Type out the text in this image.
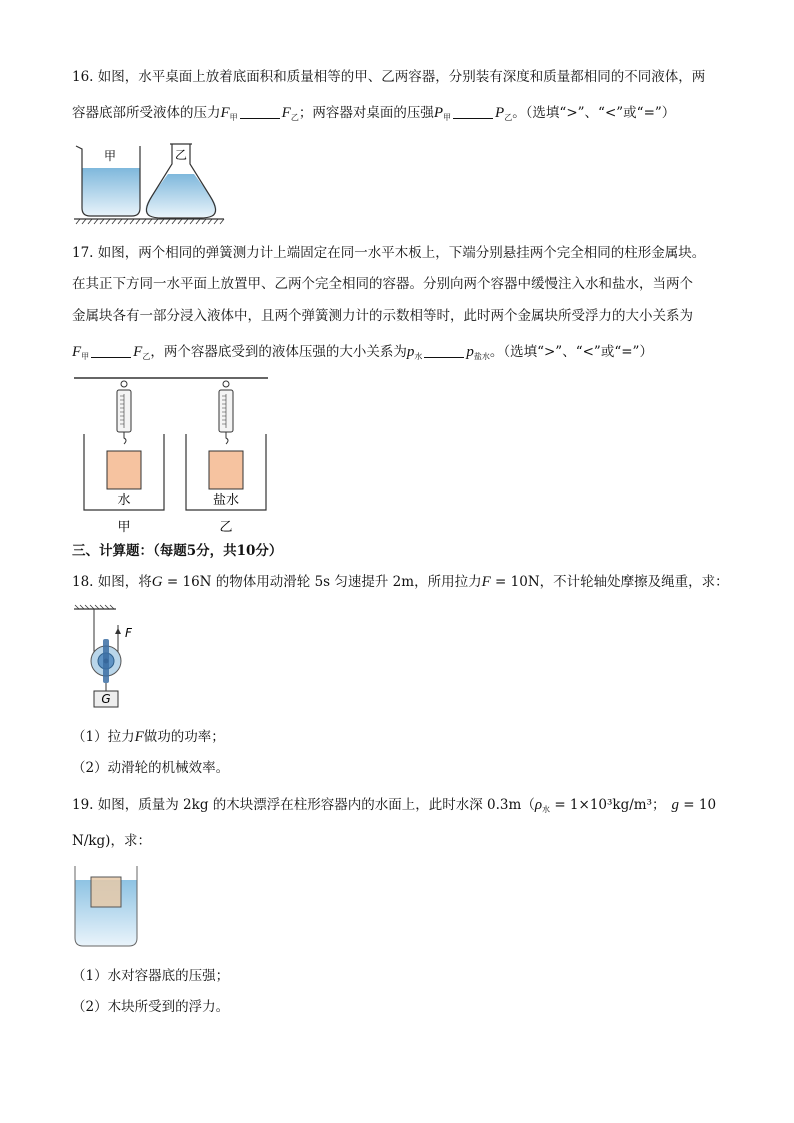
16. 如图，水平桌面上放着底面积和质量相等的甲、乙两容器，分别装有深度和质量都相同的不同液体，两
容器底部所受液体的压力$F_甲$	$F_乙$；两容器对桌面的压强$P_甲$	$P_乙$。（选填“>”、“<”或“=”）
甲	乙
17. 如图，两个相同的弹簧测力计上端固定在同一水平木板上，下端分别悬挂两个完全相同的柱形金属块。
在其正下方同一水平面上放置甲、乙两个完全相同的容器。分别向两个容器中缓慢注入水和盐水，当两个
金属块各有一部分浸入液体中，且两个弹簧测力计的示数相等时，此时两个金属块所受浮力的大小关系为
$F_甲$	$F_乙$，两个容器底受到的液体压强的大小关系为$p_水$	$p_{盐水}$。（选填“>”、“<”或“=”）
水	盐水
甲	乙
三、计算题：（每题5分，共10分）
18. 如图，将G = 16N 的物体用动滑轮 5s 匀速提升 2m，所用拉力F = 10N，不计轮轴处摩擦及绳重，求：
F
G
（1）拉力F做功的功率；
（2）动滑轮的机械效率。
19. 如图，质量为 2kg 的木块漂浮在柱形容器内的水面上，此时水深 $0.3m(\rho_水 = 1\times 10^3kg/m^3$； g = 10
N/kg)，求：
（1）水对容器底的压强；
（2）木块所受到的浮力。
